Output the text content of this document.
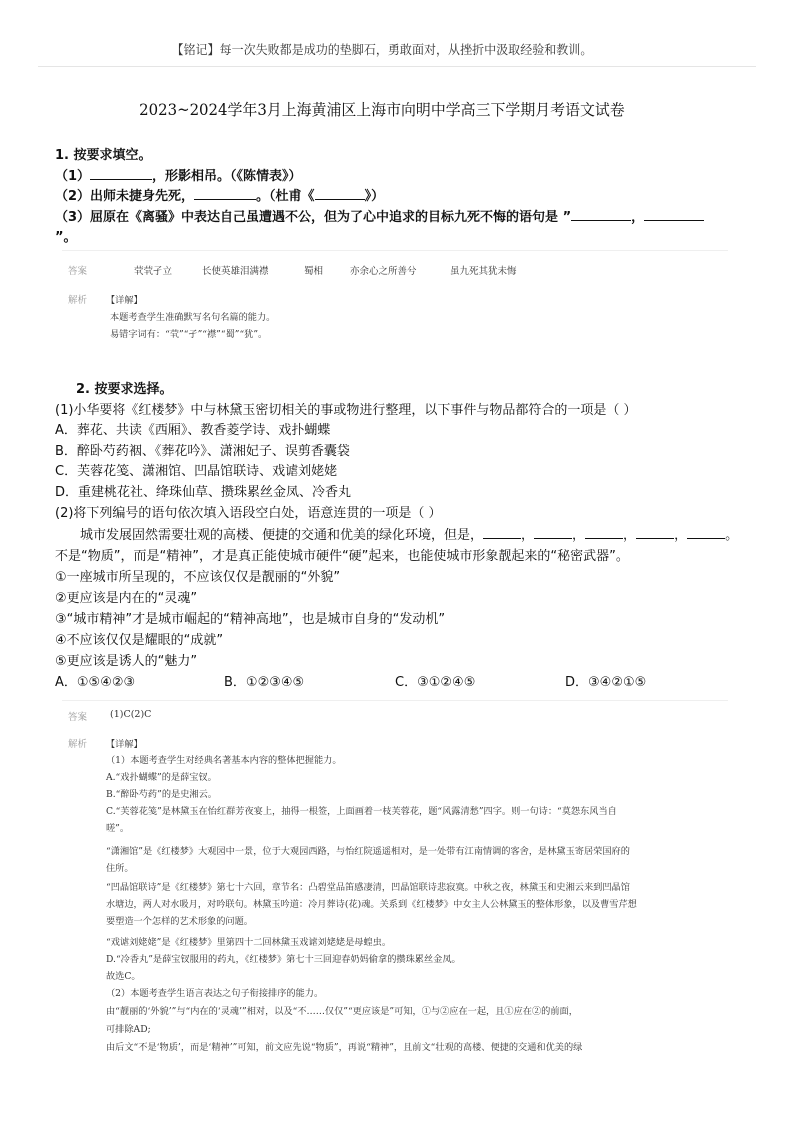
【铭记】每一次失败都是成功的垫脚石，勇敢面对，从挫折中汲取经验和教训。
2023~2024学年3月上海黄浦区上海市向明中学高三下学期月考语文试卷
1. 按要求填空。
（1）	，形影相吊。（《陈情表》）
（2）出师未捷身先死，	。（杜甫《	》）
（3）屈原在《离骚》中表达自己虽遭遇不公，但为了心中追求的目标九死不悔的语句是 ”	，
”。
答案	茕茕孑立	长使英雄泪满襟	蜀相	亦余心之所善兮	虽九死其犹未悔
解析 【详解】
本题考查学生准确默写名句名篇的能力。
易错字词有：“茕”“孑”“襟”“蜀”“犹”。
2. 按要求选择。
(1)小华要将《红楼梦》中与林黛玉密切相关的事或物进行整理，以下事件与物品都符合的一项是（ ）
A．葬花、共读《西厢》、教香菱学诗、戏扑蝴蝶
B．醉卧芍药裀、《葬花吟》、潇湘妃子、误剪香囊袋
C．芙蓉花笺、潇湘馆、凹晶馆联诗、戏谑刘姥姥
D．重建桃花社、绛珠仙草、攒珠累丝金凤、冷香丸
(2)将下列编号的语句依次填入语段空白处，语意连贯的一项是（ ）
城市发展固然需要壮观的高楼、便捷的交通和优美的绿化环境，但是，	，	，	，	，	。
不是“物质”，而是“精神”，才是真正能使城市硬件“硬”起来，也能使城市形象靓起来的“秘密武器”。
①一座城市所呈现的，不应该仅仅是靓丽的“外貌”
②更应该是内在的“灵魂”
③“城市精神”才是城市崛起的“精神高地”，也是城市自身的“发动机”
④不应该仅仅是耀眼的“成就”
⑤更应该是诱人的“魅力”
A．①⑤④②③	B．①②③④⑤	C．③①②④⑤	D．③④②①⑤
答案 (1)C(2)C
解析 【详解】
（1）本题考查学生对经典名著基本内容的整体把握能力。
A.“戏扑蝴蝶”的是薛宝钗。
B.“醉卧芍药”的是史湘云。
C.“芙蓉花笺”是林黛玉在怡红群芳夜宴上，抽得一根签，上面画着一枝芙蓉花，题“风露清愁”四字。则一句诗：“莫怨东风当自
嗟”。
“潇湘馆”是《红楼梦》大观园中一景，位于大观园西路，与怡红院遥遥相对，是一处带有江南情调的客舍，是林黛玉寄居荣国府的
住所。
“凹晶馆联诗”是《红楼梦》第七十六回，章节名：凸碧堂品笛感凄清，凹晶馆联诗悲寂寞。中秋之夜，林黛玉和史湘云来到凹晶馆
水塘边，两人对水吸月，对吟联句。林黛玉吟道：冷月葬诗(花)魂。关系到《红楼梦》中女主人公林黛玉的整体形象，以及曹雪芹想
要塑造一个怎样的艺术形象的问题。
“戏谑刘姥姥”是《红楼梦》里第四十二回林黛玉戏谑刘姥姥是母蝗虫。
D.“冷香丸”是薛宝钗服用的药丸，《红楼梦》第七十三回迎春奶妈偷拿的攒珠累丝金凤。
故选C。
（2）本题考查学生语言表达之句子衔接排序的能力。
由“靓丽的‘外貌’”与“内在的‘灵魂’”相对，以及“不……仅仅”“更应该是”可知，①与②应在一起，且①应在②的前面，
可排除AD;
由后文“不是‘物质’，而是‘精神’”可知，前文应先说“物质”，再说“精神”，且前文“壮观的高楼、便捷的交通和优美的绿
